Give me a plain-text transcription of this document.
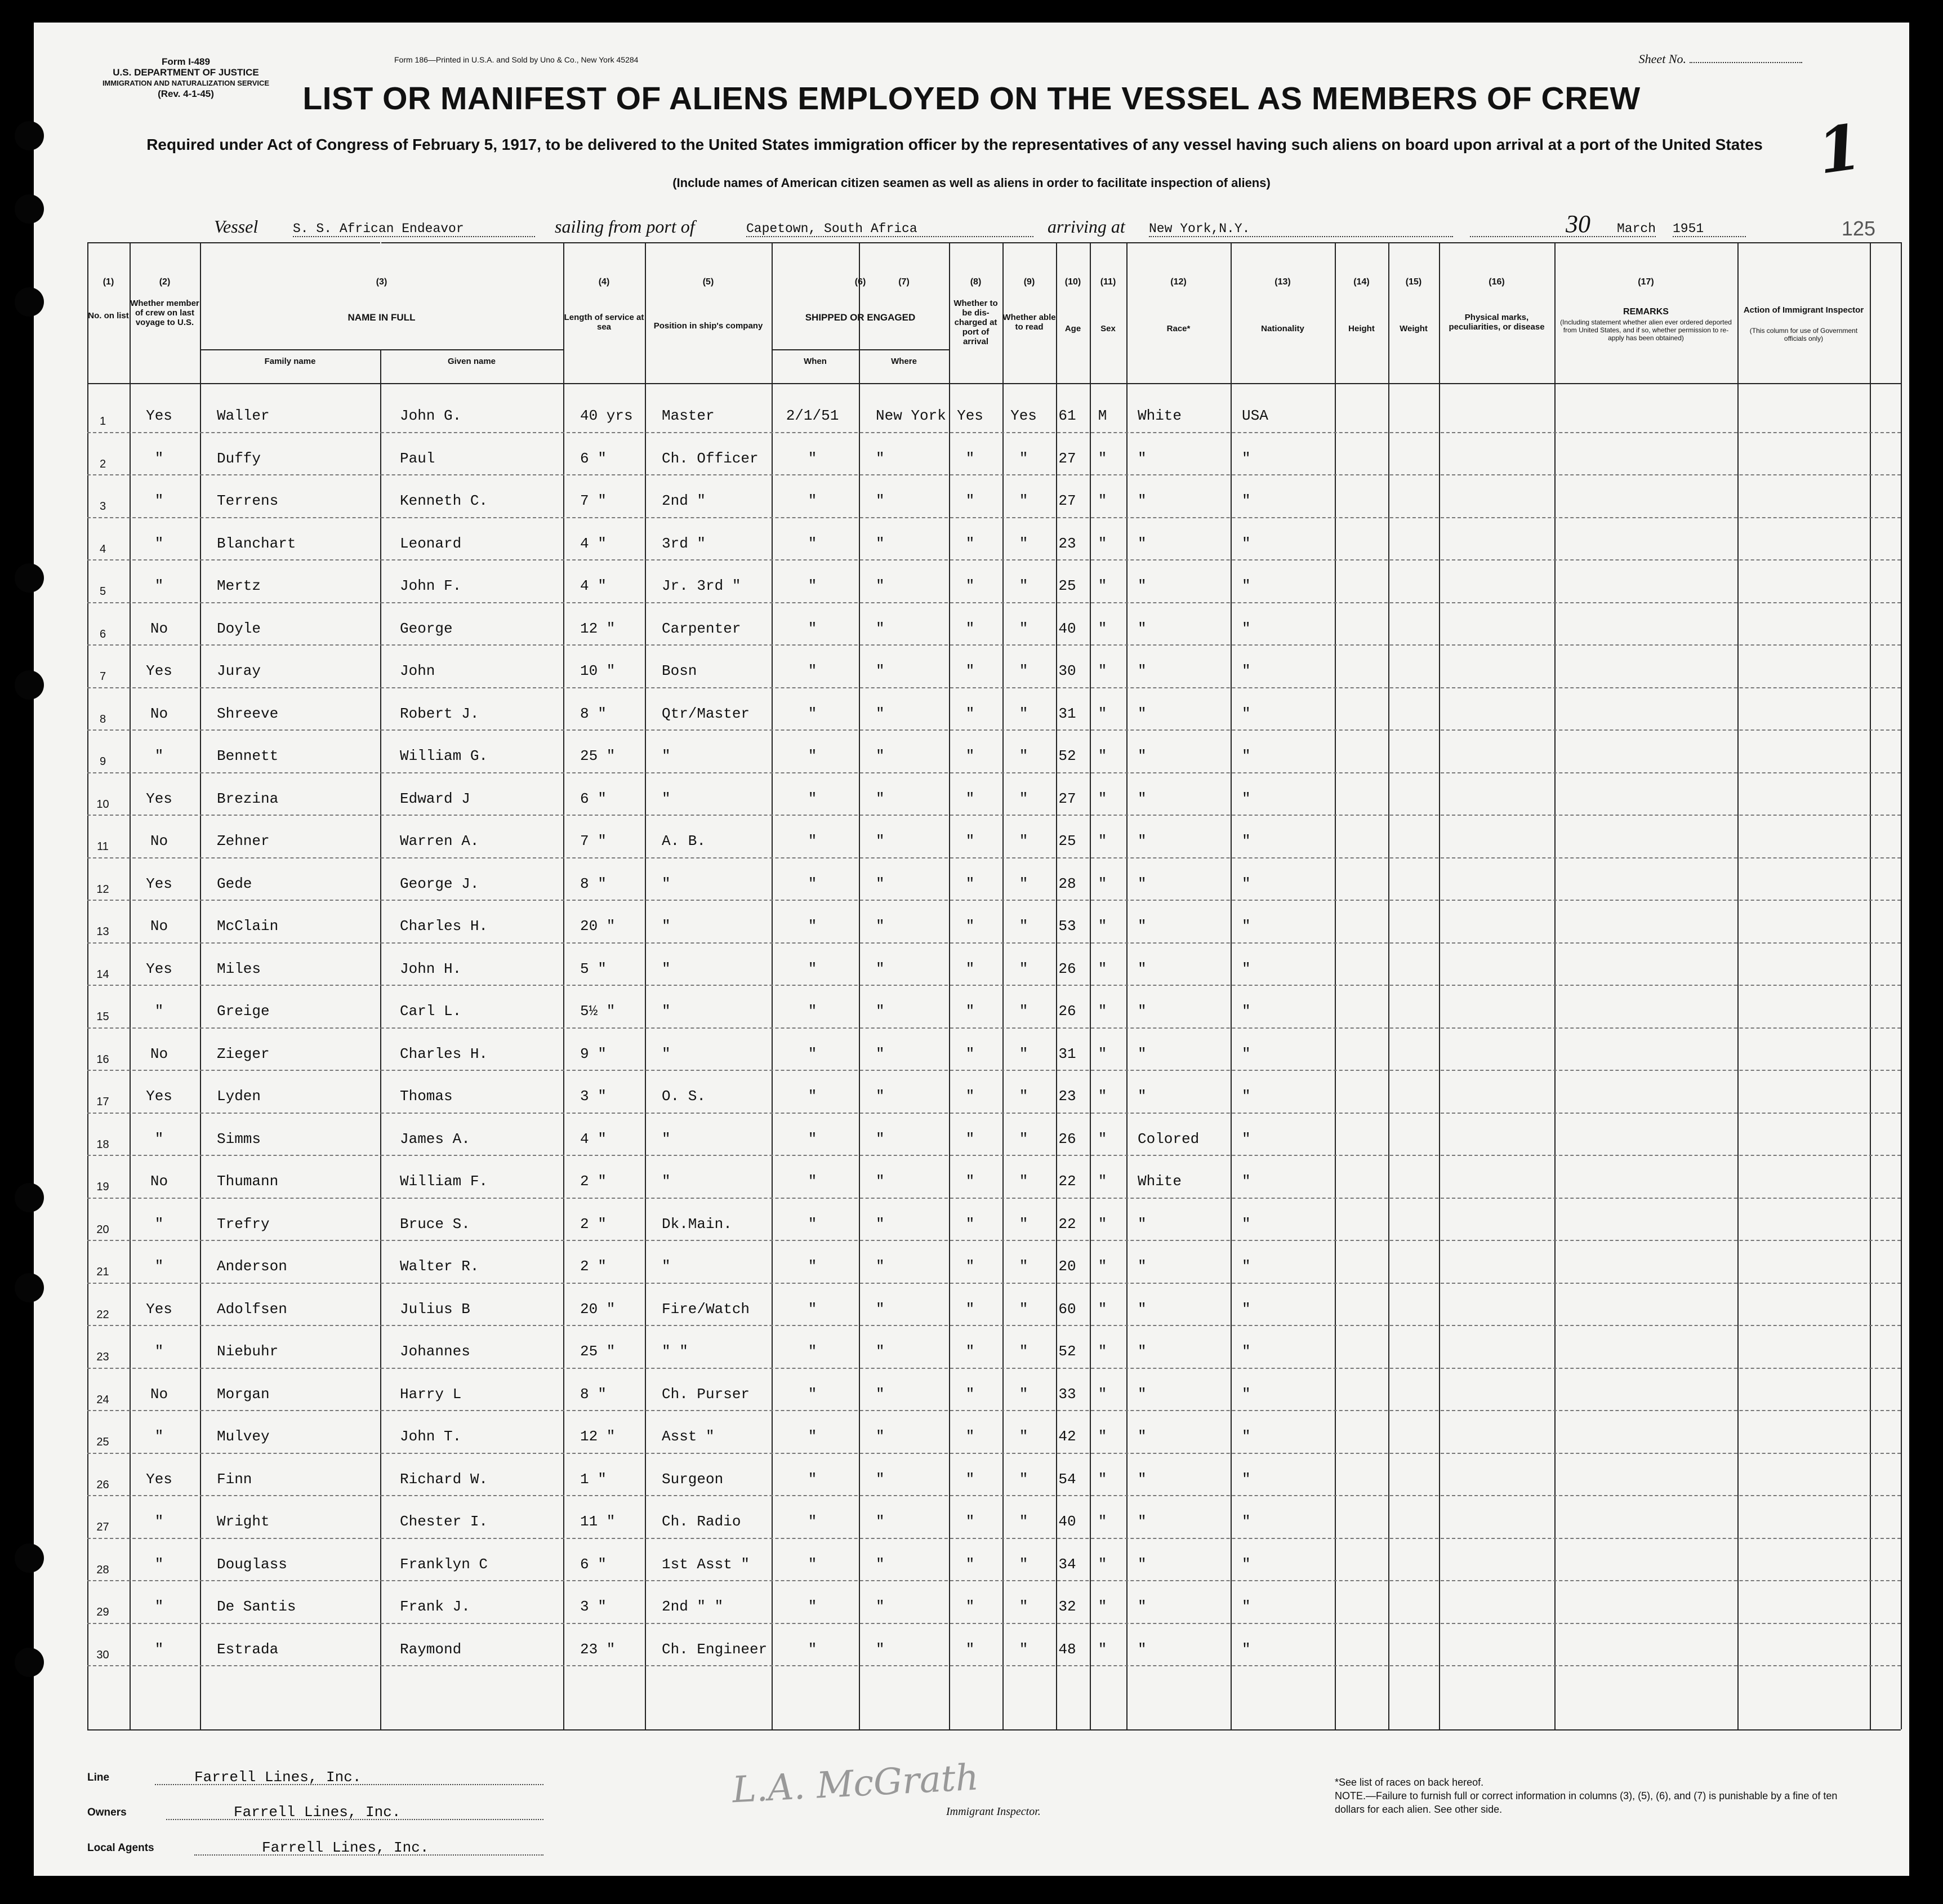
Form I-489
U.S. DEPARTMENT OF JUSTICE
IMMIGRATION AND NATURALIZATION SERVICE
(Rev. 4-1-45)
Form 186—Printed in U.S.A. and Sold by Uno & Co., New York 45284	Sheet No.
LIST OR MANIFEST OF ALIENS EMPLOYED ON THE VESSEL AS MEMBERS OF CREW
Required under Act of Congress of February 5, 1917, to be delivered to the United States immigration officer by the representatives of any vessel having such aliens on board upon arrival at a port of the United States
(Include names of American citizen seamen as well as aliens in order to facilitate inspection of aliens)	1
Vessel	S. S. African Endeavor	sailing from port of	Capetown, South Africa	arriving at New York,N.Y.	March
30	1951	125
No. on list
Whether member of crew on last voyage to U.S.	NAME IN FULL
Family name	Given name
Length of service at sea	Position in ship's company
SHIPPED OR ENGAGED
When	Where
Whether to be dis-charged at port of arrival
Whether able to read	Age	Sex	Race*	Nationality	Height	Weight
Physical marks, peculiarities, or disease
REMARKS
(Including statement whether alien ever ordered deported from United States, and if so, whether permission to re-apply has been obtained)
Action of Immigrant Inspector
(This column for use of Government officials only)
(1)	(2)	(3)	(4)	(5)	(6)	(7)	(8)	(9)	(10)	(11)	(12)	(13)	(14)	(15)	(16)	(17)
1	Yes	Waller	John G.	40 yrs	Master	2/1/51	New York Yes	Yes	61	M	White	USA
2	"	Duffy	Paul	6 "	Ch. Officer	"	"	"	"	27	"	"	"
3	"	Terrens	Kenneth C.	7 "	2nd "	"	"	"	"	27	"	"	"
4	"	Blanchart	Leonard	4 "	3rd "	"	"	"	"	23	"	"	"
5	"	Mertz	John F.	4 "	Jr. 3rd "	"	"	"	"	25	"	"	"
6	No	Doyle	George	12 "	Carpenter	"	"	"	"	40	"	"	"
7	Yes	Juray	John	10 "	Bosn	"	"	"	"	30	"	"	"
8	No	Shreeve	Robert J.	8 "	Qtr/Master	"	"	"	"	31	"	"	"
9	"	Bennett	William G.	25 "	"	"	"	"	"	52	"	"	"
10	Yes	Brezina	Edward J	6 "	"	"	"	"	"	27	"	"	"
11	No	Zehner	Warren A.	7 "	A. B.	"	"	"	"	25	"	"	"
12	Yes	Gede	George J.	8 "	"	"	"	"	"	28	"	"	"
13	No	McClain	Charles H.	20 "	"	"	"	"	"	53	"	"	"
14	Yes	Miles	John H.	5 "	"	"	"	"	"	26	"	"	"
15	"	Greige	Carl L.	5½ "	"	"	"	"	"	26	"	"	"
16	No	Zieger	Charles H.	9 "	"	"	"	"	"	31	"	"	"
17	Yes	Lyden	Thomas	3 "	O. S.	"	"	"	"	23	"	"	"
18	"	Simms	James A.	4 "	"	"	"	"	"	26	"	Colored	"
19	No	Thumann	William F.	2 "	"	"	"	"	"	22	"	White	"
20	"	Trefry	Bruce S.	2 "	Dk.Main.	"	"	"	"	22	"	"	"
21	"	Anderson	Walter R.	2 "	"	"	"	"	"	20	"	"	"
22	Yes	Adolfsen	Julius B	20 "	Fire/Watch	"	"	"	"	60	"	"	"
23	"	Niebuhr	Johannes	25 "	" "	"	"	"	"	52	"	"	"
24	No	Morgan	Harry L	8 "	Ch. Purser	"	"	"	"	33	"	"	"
25	"	Mulvey	John T.	12 "	Asst "	"	"	"	"	42	"	"	"
26	Yes	Finn	Richard W.	1 "	Surgeon	"	"	"	"	54	"	"	"
27	"	Wright	Chester I.	11 "	Ch. Radio	"	"	"	"	40	"	"	"
28	"	Douglass	Franklyn C	6 "	1st Asst "	"	"	"	"	34	"	"	"
29	"	De Santis	Frank J.	3 "	2nd " "	"	"	"	"	32	"	"	"
30	"	Estrada	Raymond	23 "	Ch. Engineer	"	"	"	"	48	"	"	"
Line	Farrell Lines, Inc.
Owners	Farrell Lines, Inc.
Local Agents	Farrell Lines, Inc.
L.A. McGrath
Immigrant Inspector.
*See list of races on back hereof.
NOTE.—Failure to furnish full or correct information in columns (3), (5), (6), and (7) is punishable by a fine of ten dollars for each alien. See other side.
